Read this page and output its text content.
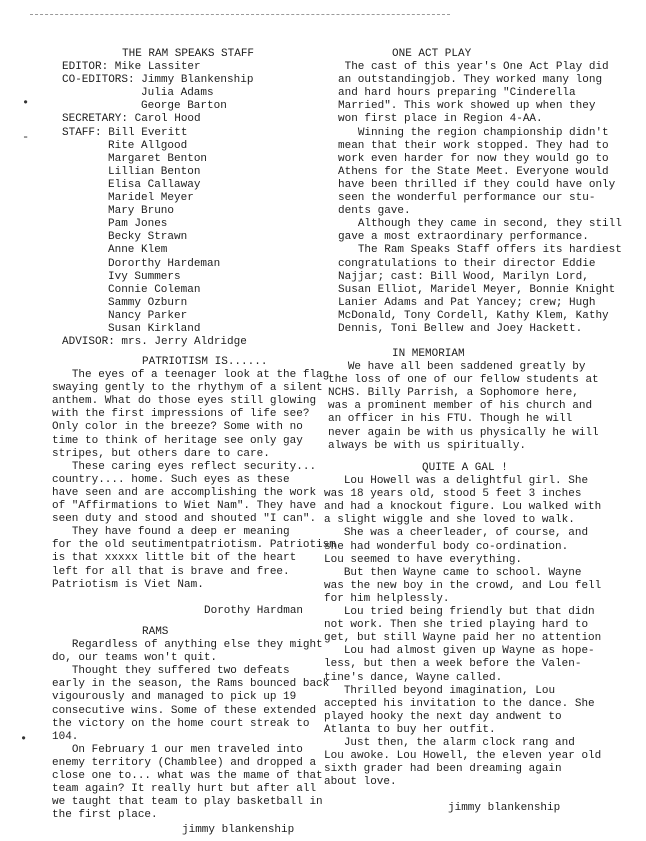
THE RAM SPEAKS STAFF

EDITOR: Mike Lassiter

CO-EDITORS: Jimmy Blankenship

Julia Adams

George Barton

SECRETARY: Carol Hood

STAFF: Bill Everitt

Rite Allgood

Margaret Benton

Lillian Benton

Elisa Callaway

Maridel Meyer

Mary Bruno

Pam Jones

Becky Strawn

Anne Klem

Dororthy Hardeman

Ivy Summers

Connie Coleman

Sammy Ozburn

Nancy Parker

Susan Kirkland

ADVISOR: mrs. Jerry Aldridge

PATRIOTISM IS......

The eyes of a teenager look at the flag

swaying gently to the rhythym of a silent

anthem. What do those eyes still glowing

with the first impressions of life see?

Only color in the breeze? Some with no

time to think of heritage see only gay

stripes, but others dare to care.

These caring eyes reflect security...

country.... home. Such eyes as these

have seen and are accomplishing the work

of "Affirmations to Wiet Nam". They have

seen duty and stood and shouted "I can".

They have found a deep er meaning

for the old seutimentpatriotism. Patriotism

is that xxxxx little bit of the heart

left for all that is brave and free.

Patriotism is Viet Nam.

Dorothy Hardman

RAMS

Regardless of anything else they might

do, our teams won't quit.

Thought they suffered two defeats

early in the season, the Rams bounced back

vigourously and managed to pick up 19

consecutive wins. Some of these extended

the victory on the home court streak to

104.

On February 1 our men traveled into

enemy territory (Chamblee) and dropped a

close one to... what was the mame of that

team again? It really hurt but after all

we taught that team to play basketball in

the first place.

jimmy blankenship

ONE ACT PLAY

The cast of this year's One Act Play did

an outstandingjob. They worked many long

and hard hours preparing "Cinderella

Married". This work showed up when they

won first place in Region 4-AA.

Winning the region championship didn't

mean that their work stopped. They had to

work even harder for now they would go to

Athens for the State Meet. Everyone would

have been thrilled if they could have only

seen the wonderful performance our stu-

dents gave.

Although they came in second, they still

gave a most extraordinary performance.

The Ram Speaks Staff offers its hardiest

congratulations to their director Eddie

Najjar; cast: Bill Wood, Marilyn Lord,

Susan Elliot, Maridel Meyer, Bonnie Knight

Lanier Adams and Pat Yancey; crew; Hugh

McDonald, Tony Cordell, Kathy Klem, Kathy

Dennis, Toni Bellew and Joey Hackett.

IN MEMORIAM

We have all been saddened greatly by

the loss of one of our fellow students at

NCHS. Billy Parrish, a Sophomore here,

was a prominent member of his church and

an officer in his FTU. Though he will

never again be with us physically he will

always be with us spiritually.

QUITE A GAL !

Lou Howell was a delightful girl. She

was 18 years old, stood 5 feet 3 inches

and had a knockout figure. Lou walked with

a slight wiggle and she loved to walk.

She was a cheerleader, of course, and

she had wonderful body co-ordination.

Lou seemed to have everything.

But then Wayne came to school. Wayne

was the new boy in the crowd, and Lou fell

for him helplessly.

Lou tried being friendly but that didn

not work. Then she tried playing hard to

get, but still Wayne paid her no attention

Lou had almost given up Wayne as hope-

less, but then a week before the Valen-

tine's dance, Wayne called.

Thrilled beyond imagination, Lou

accepted his invitation to the dance. She

played hooky the next day andwent to

Atlanta to buy her outfit.

Just then, the alarm clock rang and

Lou awoke. Lou Howell, the eleven year old

sixth grader had been dreaming again

about love.

jimmy blankenship

•
-
•
